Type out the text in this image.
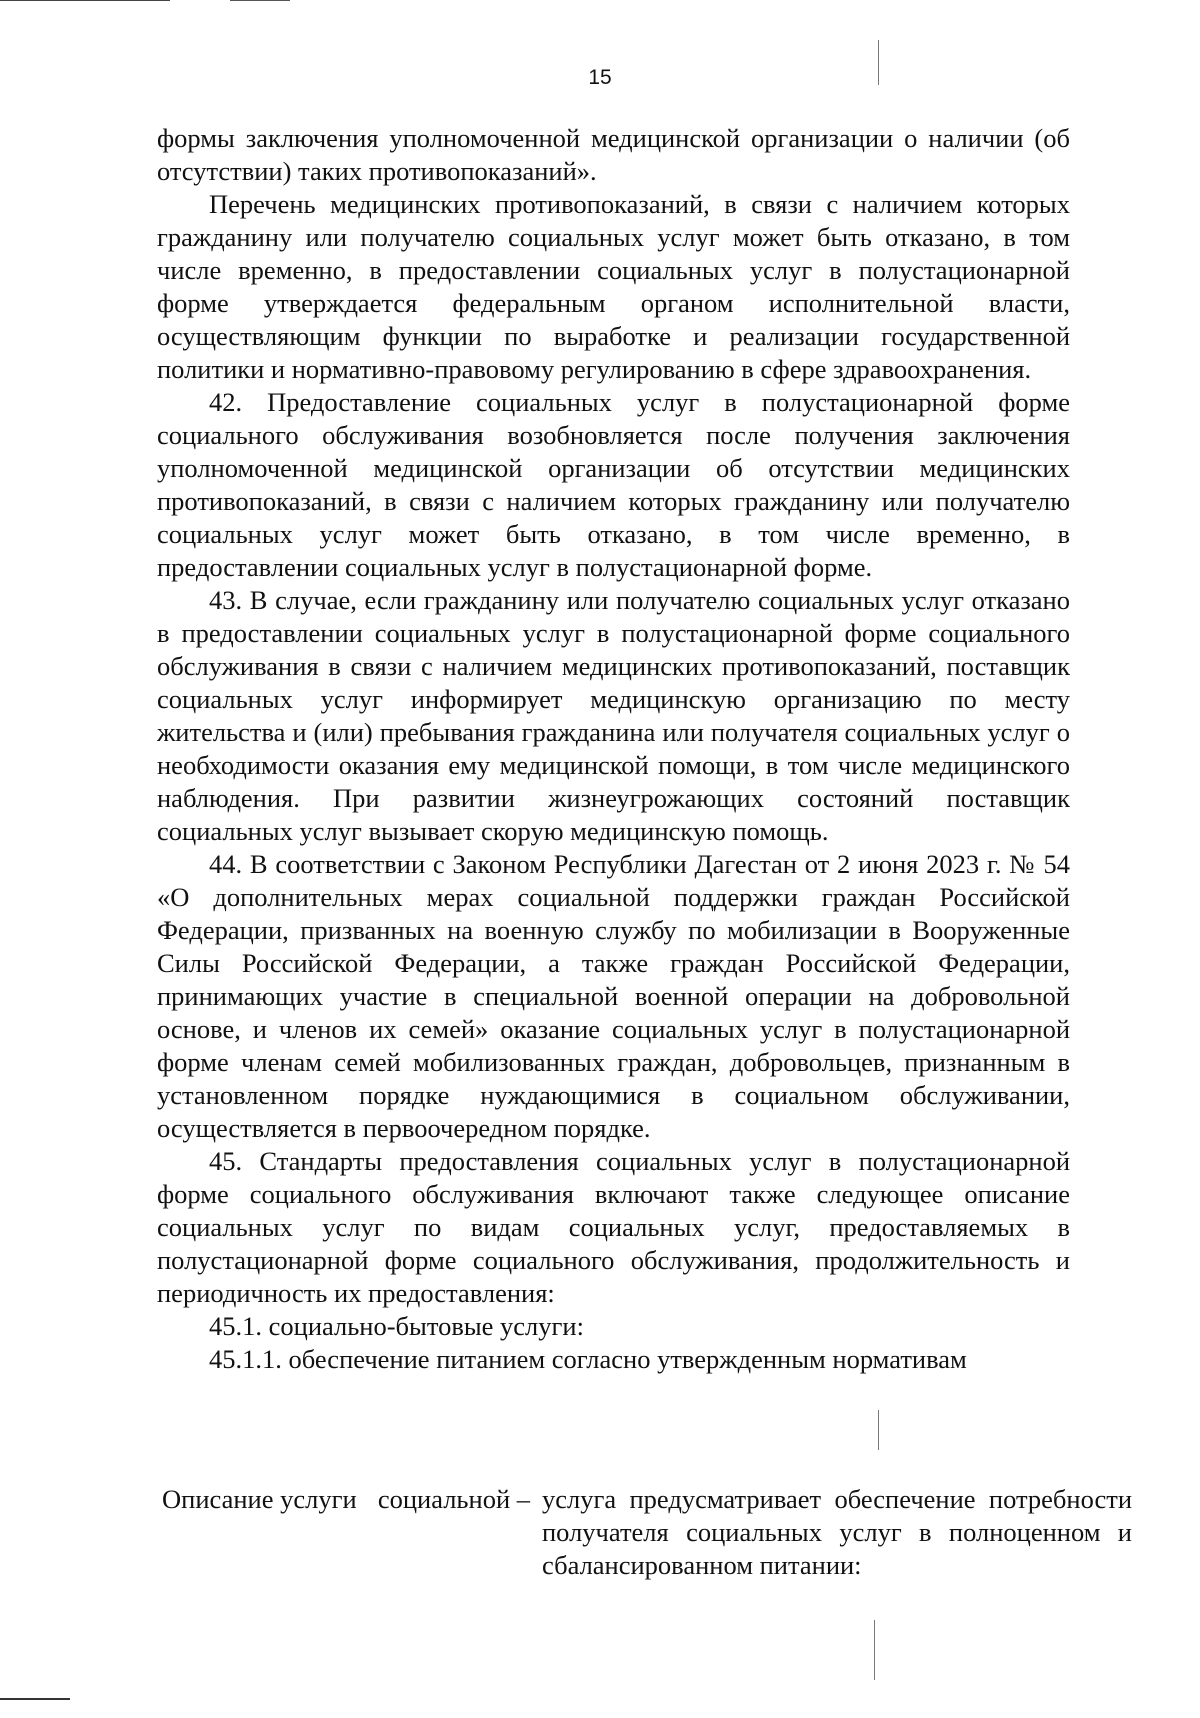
15

формы заключения уполномоченной медицинской организации о наличии (об отсутствии) таких противопоказаний».

Перечень медицинских противопоказаний, в связи с наличием которых гражданину или получателю социальных услуг может быть отказано, в том числе временно, в предоставлении социальных услуг в полустационарной форме утверждается федеральным органом исполнительной власти, осуществляющим функции по выработке и реализации государственной политики и нормативно-правовому регулированию в сфере здравоохранения.

42. Предоставление социальных услуг в полустационарной форме социального обслуживания возобновляется после получения заключения уполномоченной медицинской организации об отсутствии медицинских противопоказаний, в связи с наличием которых гражданину или получателю социальных услуг может быть отказано, в том числе временно, в предоставлении социальных услуг в полустационарной форме.

43. В случае, если гражданину или получателю социальных услуг отказано в предоставлении социальных услуг в полустационарной форме социального обслуживания в связи с наличием медицинских противопоказаний, поставщик социальных услуг информирует медицинскую организацию по месту жительства и (или) пребывания гражданина или получателя социальных услуг о необходимости оказания ему медицинской помощи, в том числе медицинского наблюдения. При развитии жизнеугрожающих состояний поставщик социальных услуг вызывает скорую медицинскую помощь.

44. В соответствии с Законом Республики Дагестан от 2 июня 2023 г. № 54 «О дополнительных мерах социальной поддержки граждан Российской Федерации, призванных на военную службу по мобилизации в Вооруженные Силы Российской Федерации, а также граждан Российской Федерации, принимающих участие в специальной военной операции на добровольной основе, и членов их семей» оказание социальных услуг в полустационарной форме членам семей мобилизованных граждан, добровольцев, признанным в установленном порядке нуждающимися в социальном обслуживании, осуществляется в первоочередном порядке.

45. Стандарты предоставления социальных услуг в полустационарной форме социального обслуживания включают также следующее описание социальных услуг по видам социальных услуг, предоставляемых в полустационарной форме социального обслуживания, продолжительность и периодичность их предоставления:

45.1. социально-бытовые услуги:

45.1.1. обеспечение питанием согласно утвержденным нормативам

Описание услуги социальной – услуга предусматривает обеспечение потребности получателя социальных услуг в полноценном и сбалансированном питании:
